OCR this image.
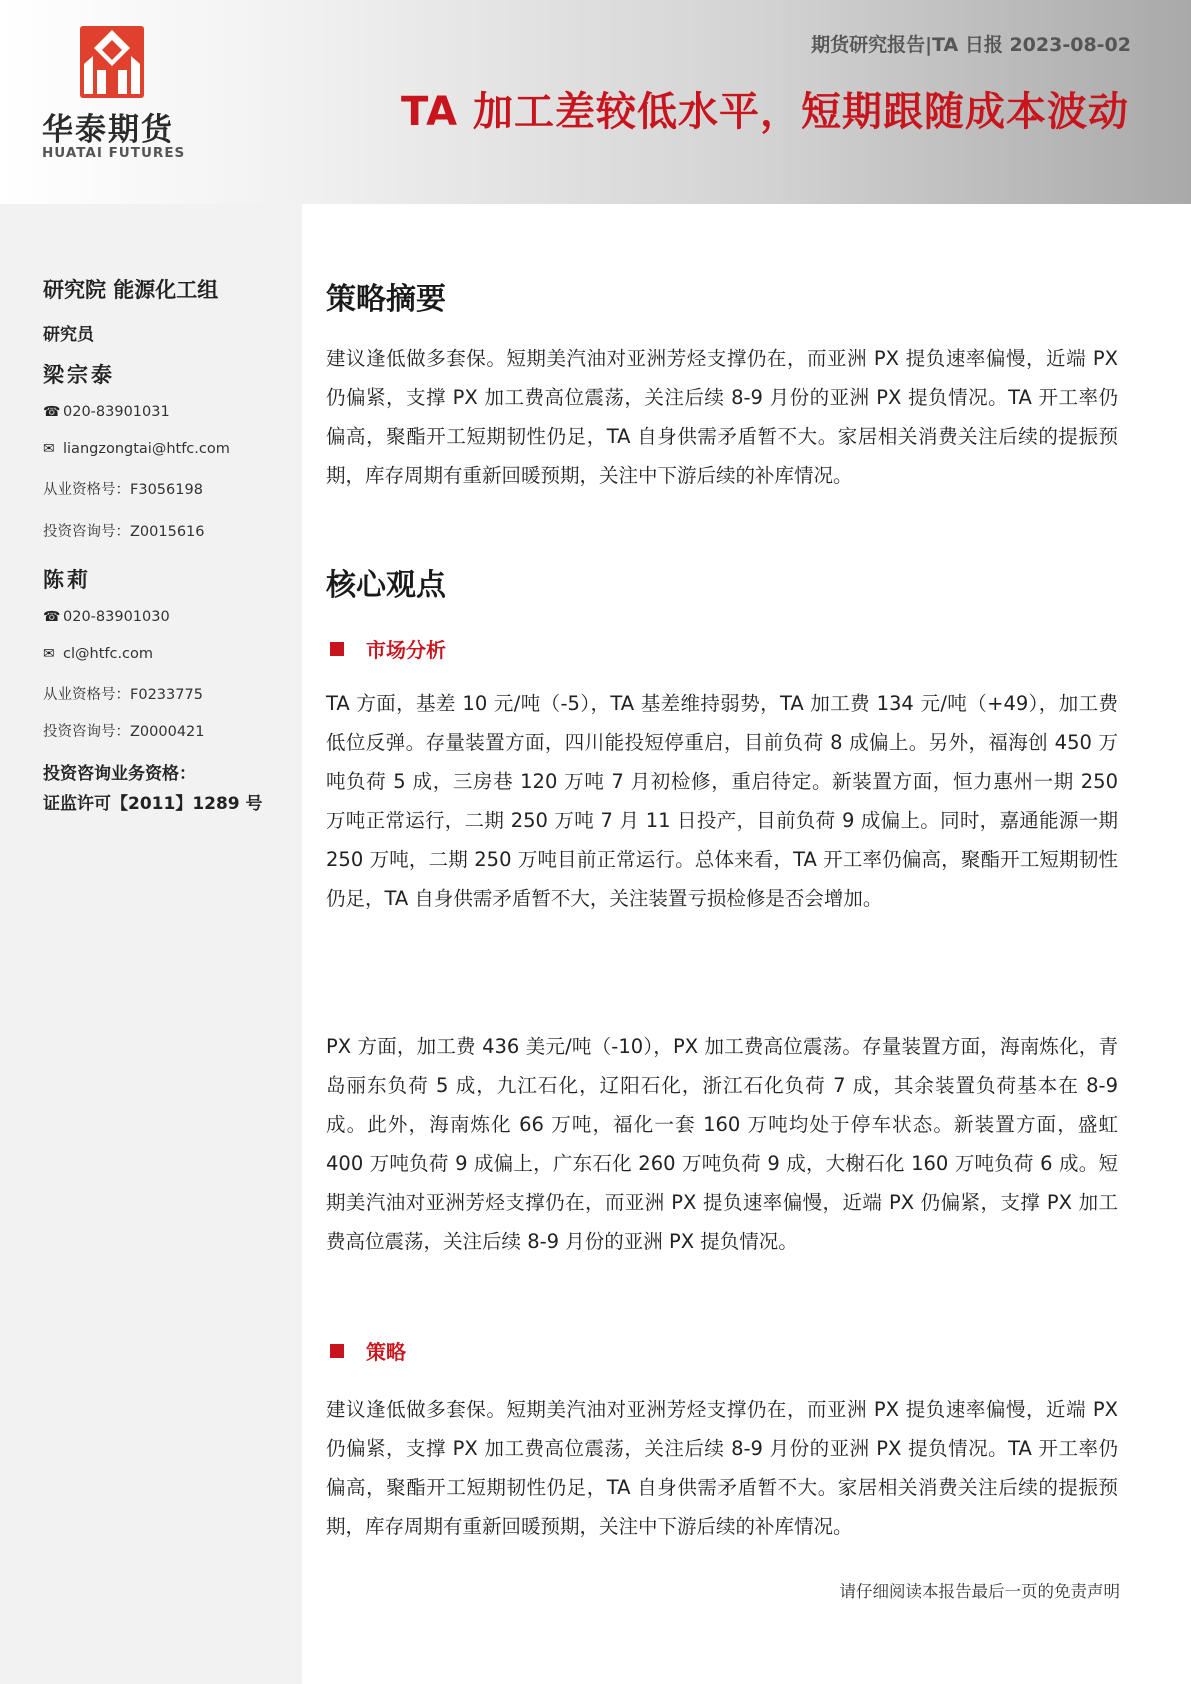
华泰期货
HUATAI FUTURES
期货研究报告|TA 日报 2023-08-02
TA 加工差较低水平，短期跟随成本波动
研究院 能源化工组
研究员
梁宗泰
☎ 020-83901031
✉ liangzongtai@htfc.com
从业资格号：F3056198
投资咨询号：Z0015616
陈莉
☎ 020-83901030
✉ cl@htfc.com
从业资格号：F0233775
投资咨询号：Z0000421
投资咨询业务资格：
证监许可【2011】1289 号
策略摘要

建议逢低做多套保。短期美汽油对亚洲芳烃支撑仍在，而亚洲 PX 提负速率偏慢，近端 PX 仍偏紧，支撑 PX 加工费高位震荡，关注后续 8-9 月份的亚洲 PX 提负情况。TA 开工率仍偏高，聚酯开工短期韧性仍足，TA 自身供需矛盾暂不大。家居相关消费关注后续的提振预期，库存周期有重新回暖预期，关注中下游后续的补库情况。

核心观点
市场分析

TA 方面，基差 10 元/吨（-5），TA 基差维持弱势，TA 加工费 134 元/吨（+49），加工费低位反弹。存量装置方面，四川能投短停重启，目前负荷 8 成偏上。另外，福海创 450 万吨负荷 5 成，三房巷 120 万吨 7 月初检修，重启待定。新装置方面，恒力惠州一期 250 万吨正常运行，二期 250 万吨 7 月 11 日投产，目前负荷 9 成偏上。同时，嘉通能源一期 250 万吨，二期 250 万吨目前正常运行。总体来看，TA 开工率仍偏高，聚酯开工短期韧性仍足，TA 自身供需矛盾暂不大，关注装置亏损检修是否会增加。

PX 方面，加工费 436 美元/吨（-10），PX 加工费高位震荡。存量装置方面，海南炼化，青岛丽东负荷 5 成，九江石化，辽阳石化，浙江石化负荷 7 成，其余装置负荷基本在 8-9 成。此外，海南炼化 66 万吨，福化一套 160 万吨均处于停车状态。新装置方面，盛虹 400 万吨负荷 9 成偏上，广东石化 260 万吨负荷 9 成，大榭石化 160 万吨负荷 6 成。短期美汽油对亚洲芳烃支撑仍在，而亚洲 PX 提负速率偏慢，近端 PX 仍偏紧，支撑 PX 加工费高位震荡，关注后续 8-9 月份的亚洲 PX 提负情况。

策略

建议逢低做多套保。短期美汽油对亚洲芳烃支撑仍在，而亚洲 PX 提负速率偏慢，近端 PX 仍偏紧，支撑 PX 加工费高位震荡，关注后续 8-9 月份的亚洲 PX 提负情况。TA 开工率仍偏高，聚酯开工短期韧性仍足，TA 自身供需矛盾暂不大。家居相关消费关注后续的提振预期，库存周期有重新回暖预期，关注中下游后续的补库情况。

请仔细阅读本报告最后一页的免责声明
